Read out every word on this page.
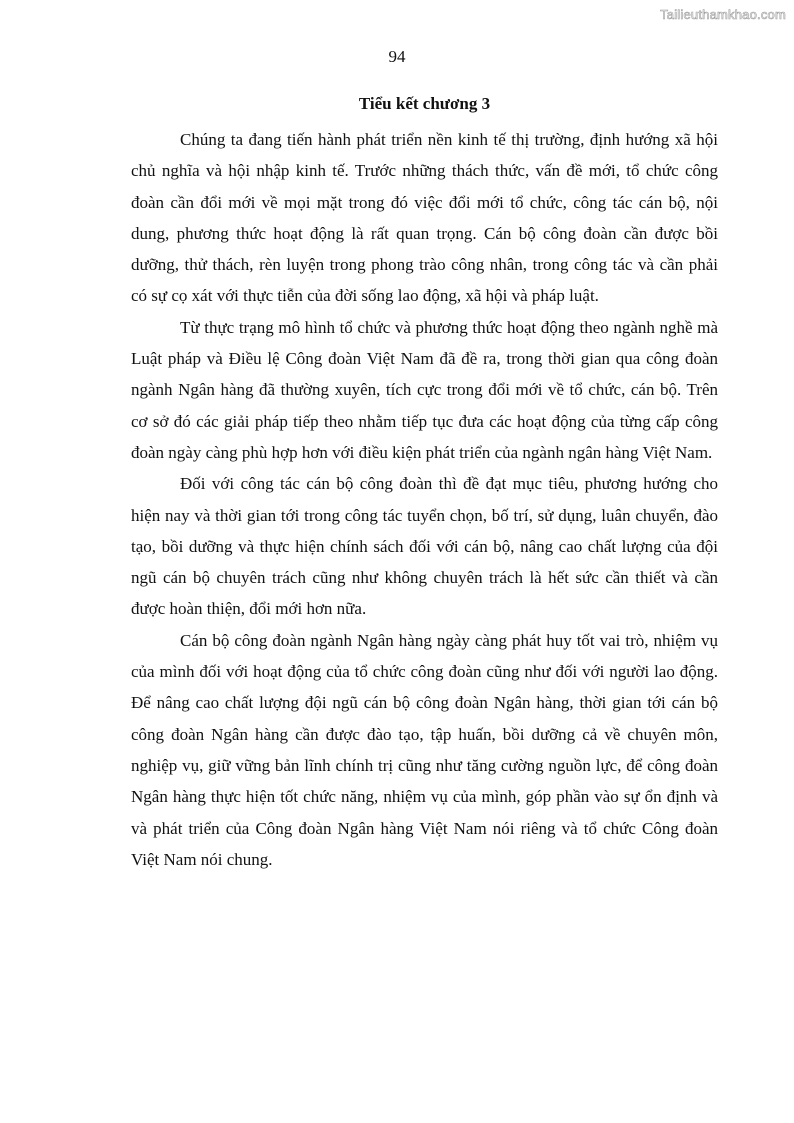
Tailieuthamkhao.com
94
Tiểu kết chương 3

Chúng ta đang tiến hành phát triển nền kinh tế thị trường, định hướng xã hội chủ nghĩa và hội nhập kinh tế. Trước những thách thức, vấn đề mới, tổ chức công đoàn cần đổi mới về mọi mặt trong đó việc đổi mới tổ chức, công tác cán bộ, nội dung, phương thức hoạt động là rất quan trọng. Cán bộ công đoàn cần được bồi dưỡng, thử thách, rèn luyện trong phong trào công nhân, trong công tác và cần phải có sự cọ xát với thực tiễn của đời sống lao động, xã hội và pháp luật.

Từ thực trạng mô hình tổ chức và phương thức hoạt động theo ngành nghề mà Luật pháp và Điều lệ Công đoàn Việt Nam đã đề ra, trong thời gian qua công đoàn ngành Ngân hàng đã thường xuyên, tích cực trong đổi mới về tổ chức, cán bộ. Trên cơ sở đó các giải pháp tiếp theo nhằm tiếp tục đưa các hoạt động của từng cấp công đoàn ngày càng phù hợp hơn với điều kiện phát triển của ngành ngân hàng Việt Nam.

Đối với công tác cán bộ công đoàn thì đề đạt mục tiêu, phương hướng cho hiện nay và thời gian tới trong công tác tuyển chọn, bố trí, sử dụng, luân chuyển, đào tạo, bồi dưỡng và thực hiện chính sách đối với cán bộ, nâng cao chất lượng của đội ngũ cán bộ chuyên trách cũng như không chuyên trách là hết sức cần thiết và cần được hoàn thiện, đổi mới hơn nữa.

Cán bộ công đoàn ngành Ngân hàng ngày càng phát huy tốt vai trò, nhiệm vụ của mình đối với hoạt động của tổ chức công đoàn cũng như đối với người lao động. Để nâng cao chất lượng đội ngũ cán bộ công đoàn Ngân hàng, thời gian tới cán bộ công đoàn Ngân hàng cần được đào tạo, tập huấn, bồi dưỡng cả về chuyên môn, nghiệp vụ, giữ vững bản lĩnh chính trị cũng như tăng cường nguồn lực, để công đoàn Ngân hàng thực hiện tốt chức năng, nhiệm vụ của mình, góp phần vào sự ổn định và và phát triển của Công đoàn Ngân hàng Việt Nam nói riêng và tổ chức Công đoàn Việt Nam nói chung.
